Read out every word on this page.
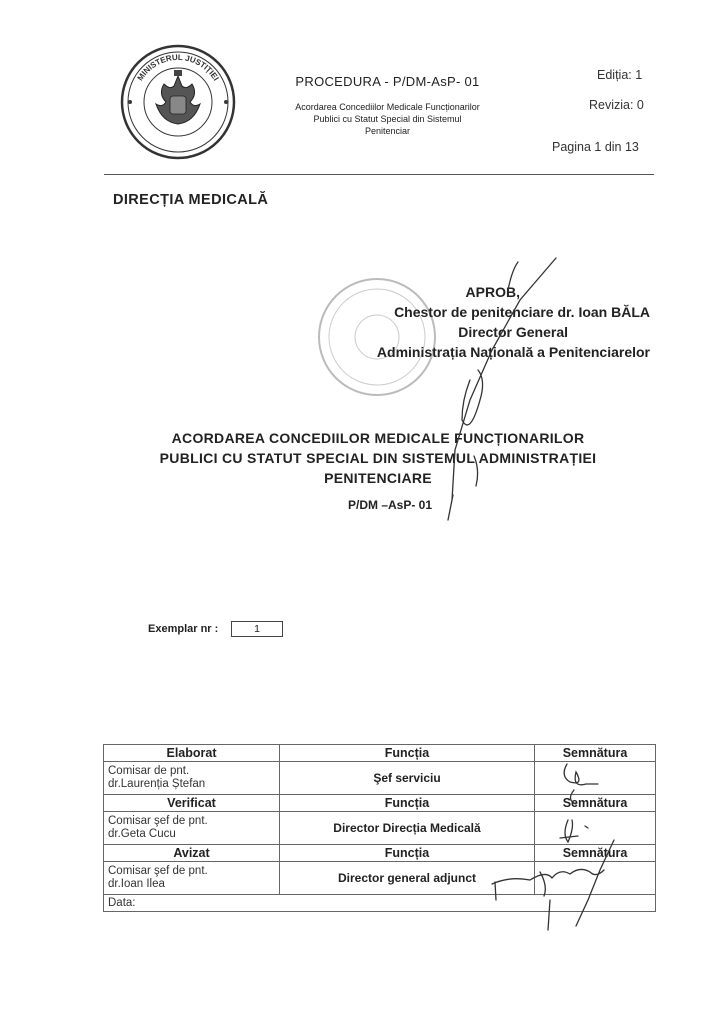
MINISTERUL JUSTIȚIEI	PROCEDURA - P/DM-AsP- 01
Acordarea Concediilor Medicale Funcționarilor
Publici cu Statut Special din Sistemul
Penitenciar
Ediția: 1
Revizia: 0
Pagina 1 din 13
DIRECȚIA MEDICALĂ
APROB,
Chestor de penitenciare dr. Ioan BĂLA
Director General
Administrația Națională a Penitenciarelor
ACORDAREA CONCEDIILOR MEDICALE FUNCȚIONARILOR
PUBLICI CU STATUT SPECIAL DIN SISTEMUL ADMINISTRAȚIEI
PENITENCIARE
P/DM –AsP- 01
Exemplar nr :	1
Elaborat	Funcția	Semnătura

Comisar de pnt.
dr.Laurenția Ștefan	Şef serviciu	
Verificat	Funcția	Semnătura

Comisar şef de pnt.
dr.Geta Cucu	Director Direcția Medicală	
Avizat	Funcția	Semnătura

Comisar şef de pnt.
dr.Ioan Ilea	Director general adjunct	
Data:		
